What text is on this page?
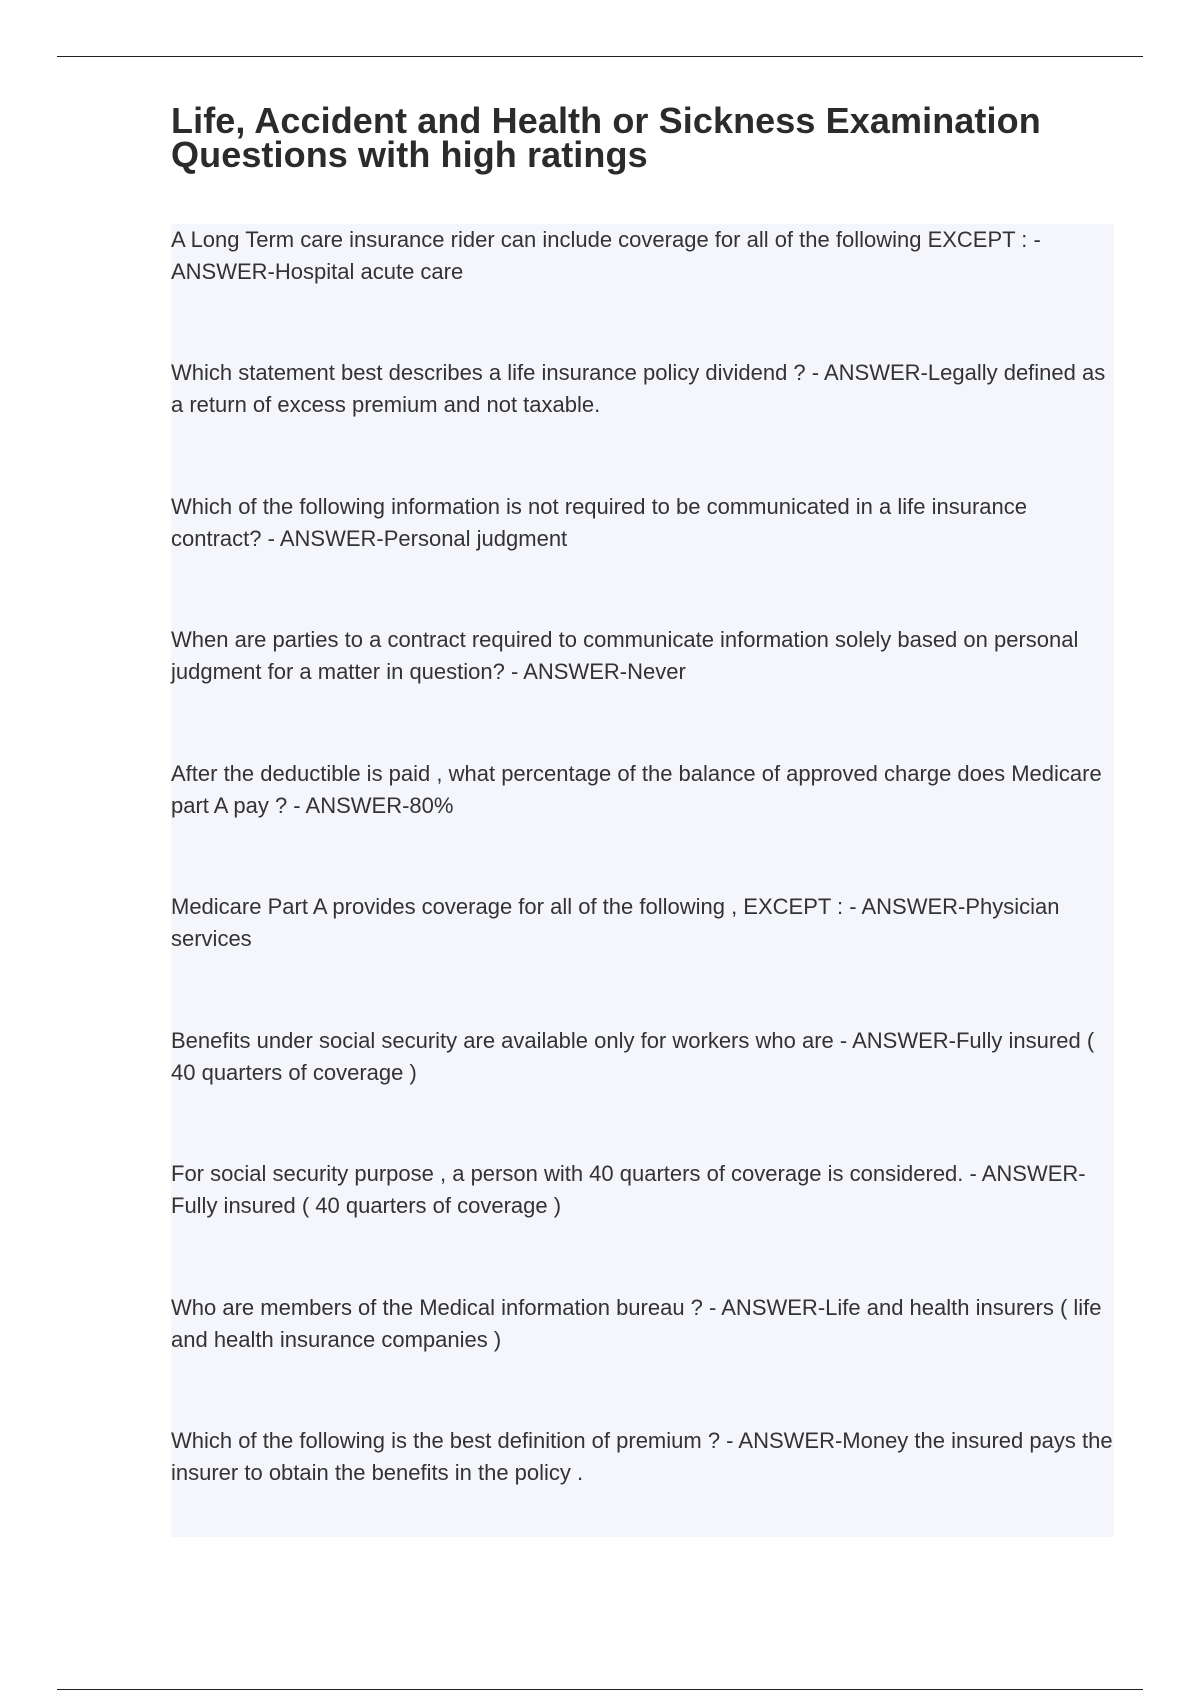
Life, Accident and Health or Sickness Examination Questions with high ratings

A Long Term care insurance rider can include coverage for all of the following EXCEPT : - ANSWER-Hospital acute care

Which statement best describes a life insurance policy dividend ? - ANSWER-Legally defined as a return of excess premium and not taxable.

Which of the following information is not required to be communicated in a life insurance contract? - ANSWER-Personal judgment

When are parties to a contract required to communicate information solely based on personal judgment for a matter in question? - ANSWER-Never

After the deductible is paid , what percentage of the balance of approved charge does Medicare part A pay ? - ANSWER-80%

Medicare Part A provides coverage for all of the following , EXCEPT : - ANSWER-Physician services

Benefits under social security are available only for workers who are - ANSWER-Fully insured ( 40 quarters of coverage )

For social security purpose , a person with 40 quarters of coverage is considered. - ANSWER-Fully insured ( 40 quarters of coverage )

Who are members of the Medical information bureau ? - ANSWER-Life and health insurers ( life and health insurance companies )

Which of the following is the best definition of premium ? - ANSWER-Money the insured pays the insurer to obtain the benefits in the policy .
